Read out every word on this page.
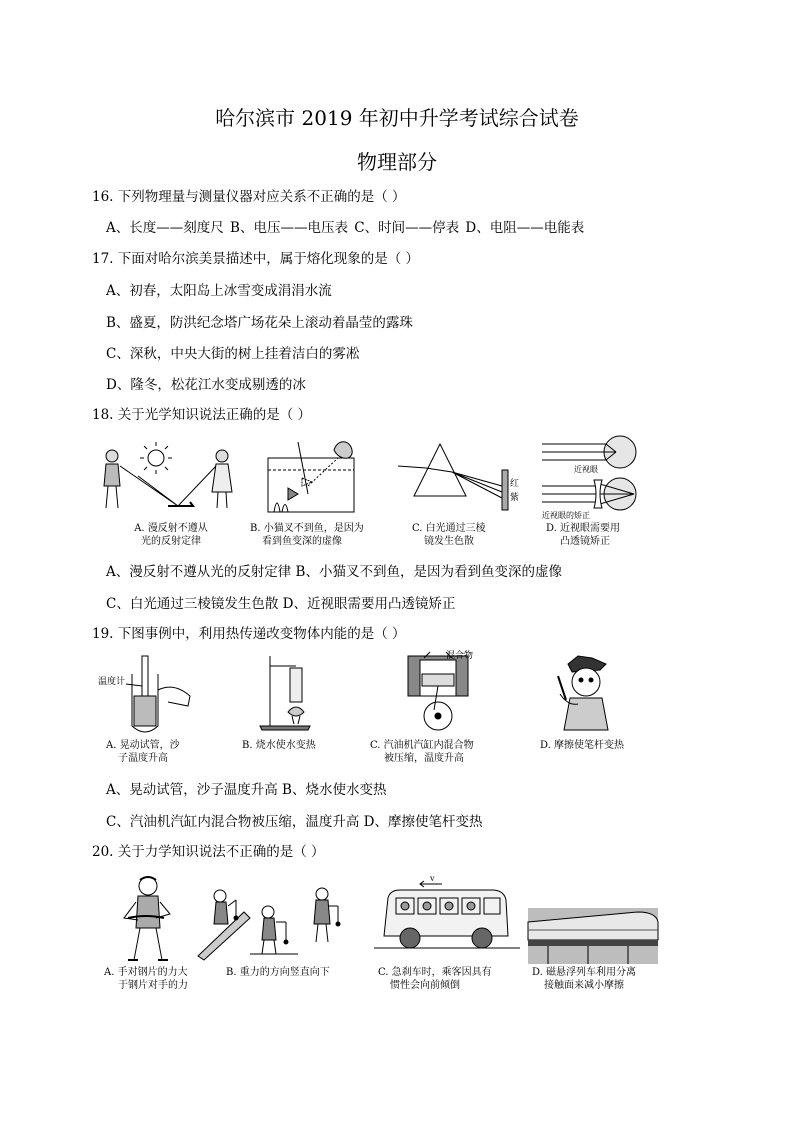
哈尔滨市 2019 年初中升学考试综合试卷
物理部分
16. 下列物理量与测量仪器对应关系不正确的是（ ）
A、长度——刻度尺 B、电压——电压表 C、时间——停表 D、电阻——电能表
17. 下面对哈尔滨美景描述中，属于熔化现象的是（ ）
A、初春，太阳岛上冰雪变成涓涓水流
B、盛夏，防洪纪念塔广场花朵上滚动着晶莹的露珠
C、深秋，中央大街的树上挂着洁白的雾凇
D、隆冬，松花江水变成剔透的冰
18. 关于光学知识说法正确的是（ ）
A. 漫反射不遵从
光的反射定律
B. 小猫叉不到鱼，是因为
看到鱼变深的虚像
红
紫
C. 白光通过三棱
镜发生色散
近视眼
近视眼的矫正
D. 近视眼需要用
凸透镜矫正
A、漫反射不遵从光的反射定律 B、小猫叉不到鱼，是因为看到鱼变深的虚像
C、白光通过三棱镜发生色散 D、近视眼需要用凸透镜矫正
19. 下图事例中，利用热传递改变物体内能的是（ ）
温度计
A. 晃动试管，沙
子温度升高
B. 烧水使水变热
混合物
C. 汽油机汽缸内混合物
被压缩，温度升高
D. 摩擦使笔杆变热
A、晃动试管，沙子温度升高 B、烧水使水变热
C、汽油机汽缸内混合物被压缩，温度升高 D、摩擦使笔杆变热
20. 关于力学知识说法不正确的是（ ）
A. 手对钢片的力大
于钢片对手的力
B. 重力的方向竖直向下
v
C. 急刹车时，乘客因具有
惯性会向前倾倒
D. 磁悬浮列车利用分离
接触面来减小摩擦
